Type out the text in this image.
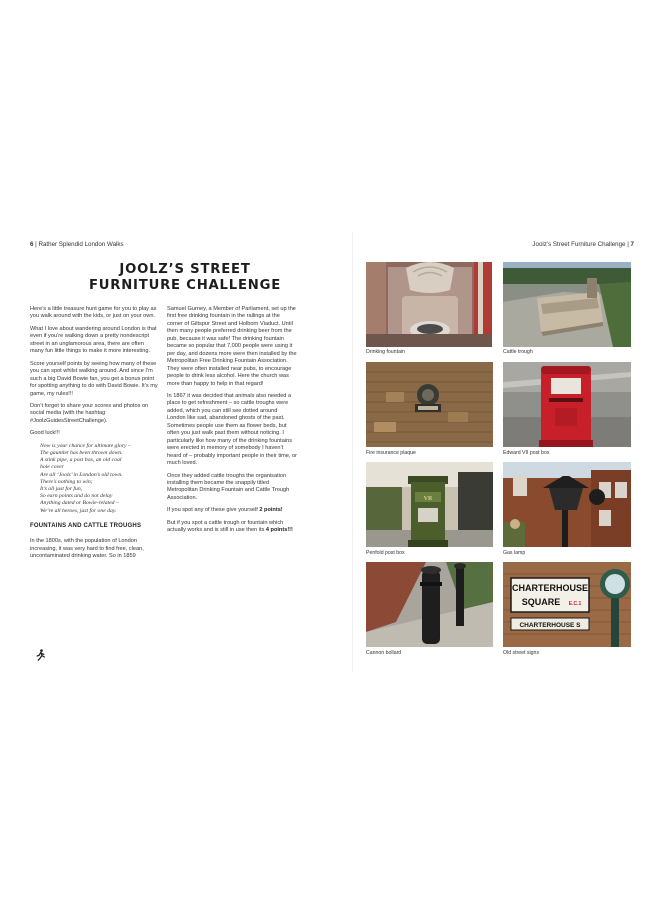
6 | Rather Splendid London Walks
JOOLZ’S STREET
FURNITURE CHALLENGE

Here’s a little treasure hunt game for you to play as you walk around with the kids, or just on your own.

What I love about wandering around London is that even if you’re walking down a pretty nondescript street in an unglamorous area, there are often many fun little things to make it more interesting.

Score yourself points by seeing how many of these you can spot whilst walking around. And since I’m such a big David Bowie fan, you get a bonus point for spotting anything to do with David Bowie. It’s my game, my rules!!!

Don’t forget to share your scores and photos on social media (with the hashtag #JoolzGuidesStreetChallenge).

Good luck!!!

Now is your chance for ultimate glory –
The gauntlet has been thrown down.
A stink pipe, a post box, an old coal
hole cover
Are all ‘Joolz’ in London’s old town.
There’s nothing to win;
It’s all just for fun,
So earn points and do not delay
Anything dated or Bowie-related –
We’re all heroes, just for one day.

FOUNTAINS AND CATTLE TROUGHS

In the 1800s, with the population of London increasing, it was very hard to find free, clean, uncontaminated drinking water. So in 1859

Samuel Gurney, a Member of Parliament, set up the first free drinking fountain in the railings at the corner of Giltspur Street and Holborn Viaduct. Until then many people preferred drinking beer from the pub, because it was safe! The drinking fountain became so popular that 7,000 people were using it per day, and dozens more were then installed by the Metropolitan Free Drinking Fountain Association. They were often installed near pubs, to encourage people to drink less alcohol. Here the church was more than happy to help in that regard!

In 1867 it was decided that animals also needed a place to get refreshment – so cattle troughs were added, which you can still see dotted around London like sad, abandoned ghosts of the past. Sometimes people use them as flower beds, but often you just walk past them without noticing. I particularly like how many of the drinking fountains were erected in memory of somebody I haven’t heard of – probably important people in their time, or much loved.

Once they added cattle troughs the organisation installing them became the snappily titled Metropolitan Drinking Fountain and Cattle Trough Association.

If you spot any of these give yourself 2 points!

But if you spot a cattle trough or fountain which actually works and is still in use then its 4 points!!!

Joolz’s Street Furniture Challenge | 7
Drinking fountain	Cattle trough
Fire insurance plaque	Edward VII post box
VR
Penfold post box	Gas lamp
Cannon bollard
CHARTERHOUSE
SQUARE E.C.1
CHARTERHOUSE S
Old street signs
